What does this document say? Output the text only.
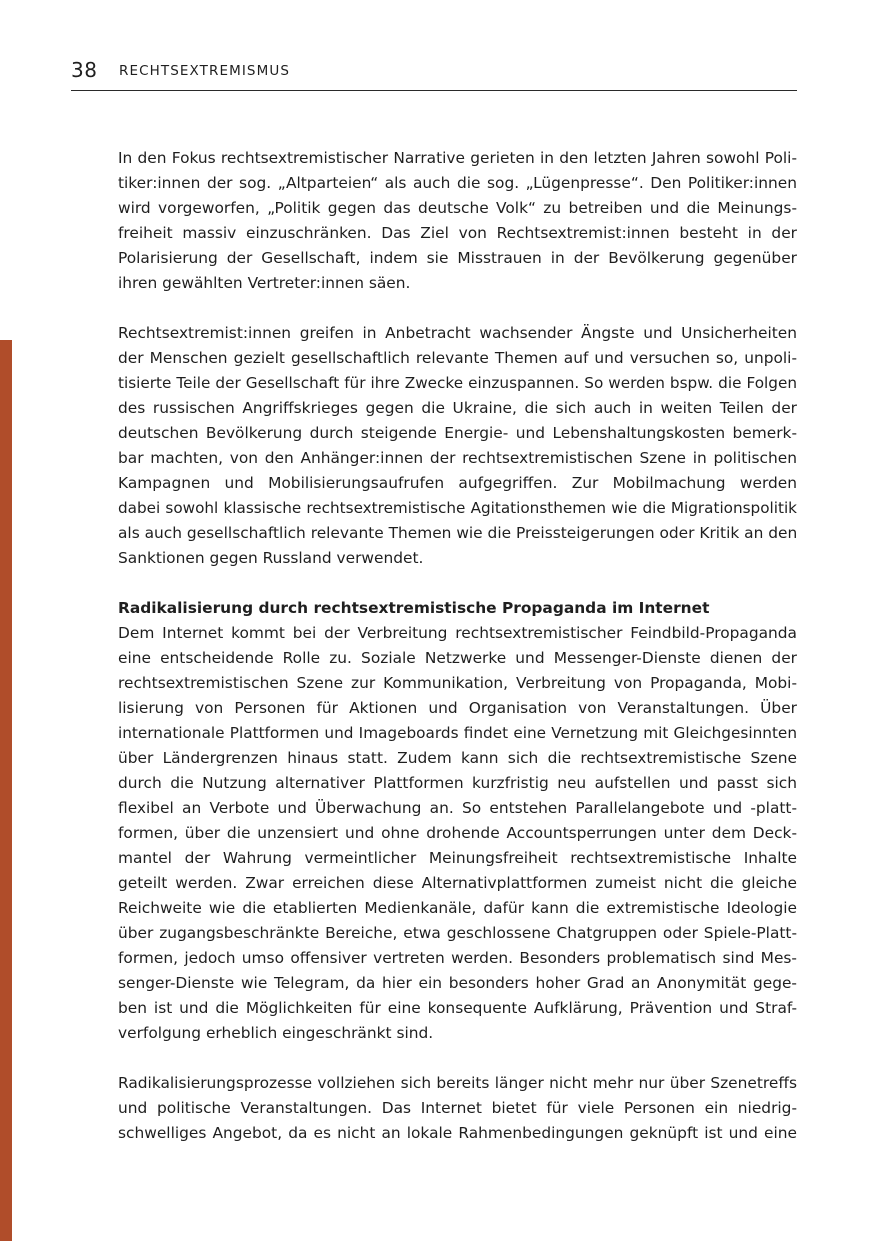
38 RECHTSEXTREMISMUS

In den Fokus rechtsextremistischer Narrative gerieten in den letzten Jahren sowohl Poli-
tiker:innen der sog. „Altparteien“ als auch die sog. „Lügenpresse“. Den Politiker:innen
wird vorgeworfen, „Politik gegen das deutsche Volk“ zu betreiben und die Meinungs-
freiheit massiv einzuschränken. Das Ziel von Rechtsextremist:innen besteht in der
Polarisierung der Gesellschaft, indem sie Misstrauen in der Bevölkerung gegenüber
ihren gewählten Vertreter:innen säen.

Rechtsextremist:innen greifen in Anbetracht wachsender Ängste und Unsicherheiten
der Menschen gezielt gesellschaftlich relevante Themen auf und versuchen so, unpoli-
tisierte Teile der Gesellschaft für ihre Zwecke einzuspannen. So werden bspw. die Folgen
des russischen Angriffskrieges gegen die Ukraine, die sich auch in weiten Teilen der
deutschen Bevölkerung durch steigende Energie- und Lebenshaltungskosten bemerk-
bar machten, von den Anhänger:innen der rechtsextremistischen Szene in politischen
Kampagnen und Mobilisierungsaufrufen aufgegriffen. Zur Mobilmachung werden
dabei sowohl klassische rechtsextremistische Agitationsthemen wie die Migrationspolitik
als auch gesellschaftlich relevante Themen wie die Preissteigerungen oder Kritik an den
Sanktionen gegen Russland verwendet.

Radikalisierung durch rechtsextremistische Propaganda im Internet

Dem Internet kommt bei der Verbreitung rechtsextremistischer Feindbild-Propaganda
eine entscheidende Rolle zu. Soziale Netzwerke und Messenger-Dienste dienen der
rechtsextremistischen Szene zur Kommunikation, Verbreitung von Propaganda, Mobi-
lisierung von Personen für Aktionen und Organisation von Veranstaltungen. Über
internationale Plattformen und Imageboards findet eine Vernetzung mit Gleichgesinnten
über Ländergrenzen hinaus statt. Zudem kann sich die rechtsextremistische Szene
durch die Nutzung alternativer Plattformen kurzfristig neu aufstellen und passt sich
flexibel an Verbote und Überwachung an. So entstehen Parallelangebote und -platt-
formen, über die unzensiert und ohne drohende Accountsperrungen unter dem Deck-
mantel der Wahrung vermeintlicher Meinungsfreiheit rechtsextremistische Inhalte
geteilt werden. Zwar erreichen diese Alternativplattformen zumeist nicht die gleiche
Reichweite wie die etablierten Medienkanäle, dafür kann die extremistische Ideologie
über zugangsbeschränkte Bereiche, etwa geschlossene Chatgruppen oder Spiele-Platt-
formen, jedoch umso offensiver vertreten werden. Besonders problematisch sind Mes-
senger-Dienste wie Telegram, da hier ein besonders hoher Grad an Anonymität gege-
ben ist und die Möglichkeiten für eine konsequente Aufklärung, Prävention und Straf-
verfolgung erheblich eingeschränkt sind.

Radikalisierungsprozesse vollziehen sich bereits länger nicht mehr nur über Szenetreffs
und politische Veranstaltungen. Das Internet bietet für viele Personen ein niedrig-
schwelliges Angebot, da es nicht an lokale Rahmenbedingungen geknüpft ist und eine
